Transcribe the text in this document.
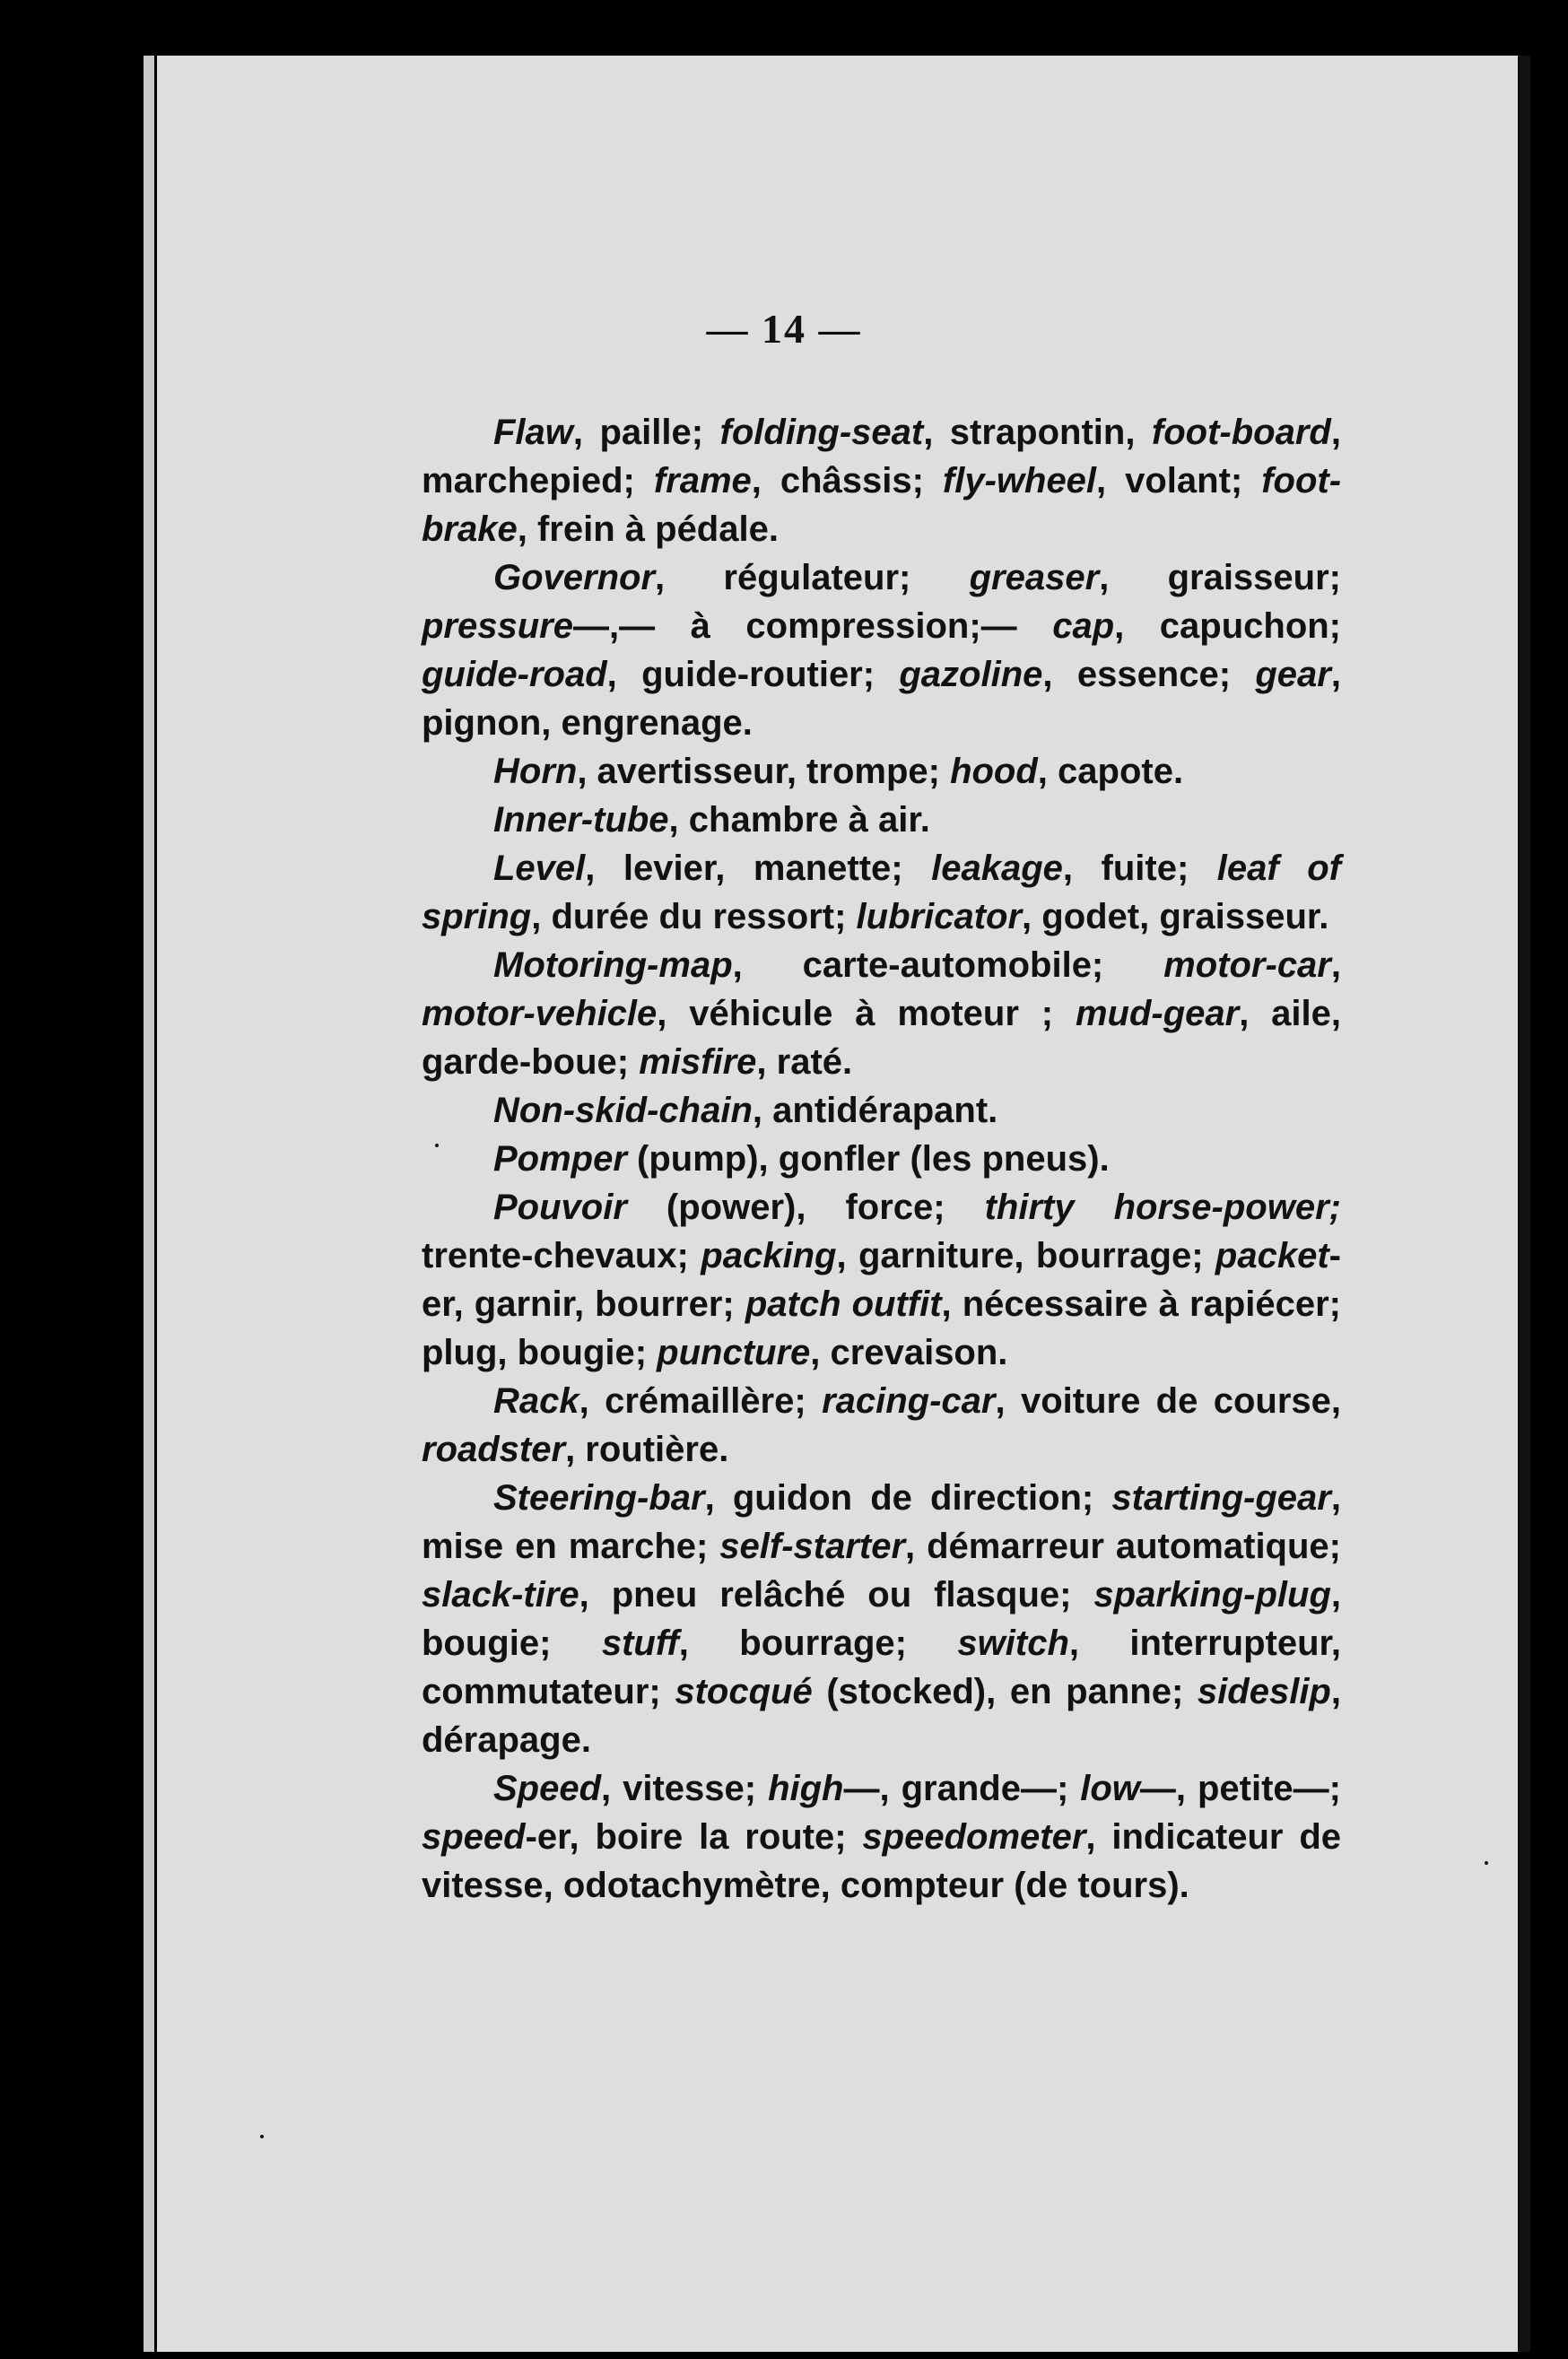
— 14 —

Flaw, paille; folding-seat, strapontin, foot-board, marchepied; frame, châssis; fly-wheel, volant; foot-brake, frein à pédale.

Governor, régulateur; greaser, graisseur; pressure—,— à compression;— cap, capuchon; guide-road, guide-routier; gazoline, essence; gear, pignon, engrenage.

Horn, avertisseur, trompe; hood, capote.

Inner-tube, chambre à air.

Level, levier, manette; leakage, fuite; leaf of spring, durée du ressort; lubricator, godet, graisseur.

Motoring-map, carte-automobile; motor-car, motor-vehicle, véhicule à moteur ; mud-gear, aile, garde-boue; misfire, raté.

Non-skid-chain, antidérapant.

Pomper (pump), gonfler (les pneus).

Pouvoir (power), force; thirty horse-power; trente-chevaux; packing, garniture, bourrage; packet-er, garnir, bourrer; patch outfit, nécessaire à rapiécer; plug, bougie; puncture, crevaison.

Rack, crémaillère; racing-car, voiture de course, roadster, routière.

Steering-bar, guidon de direction; starting-gear, mise en marche; self-starter, démarreur automatique; slack-tire, pneu relâché ou flasque; sparking-plug, bougie; stuff, bourrage; switch, interrupteur, commutateur; stocqué (stocked), en panne; sideslip, dérapage.

Speed, vitesse; high—, grande—; low—, petite—; speed-er, boire la route; speedometer, indicateur de vitesse, odotachymètre, compteur (de tours).
